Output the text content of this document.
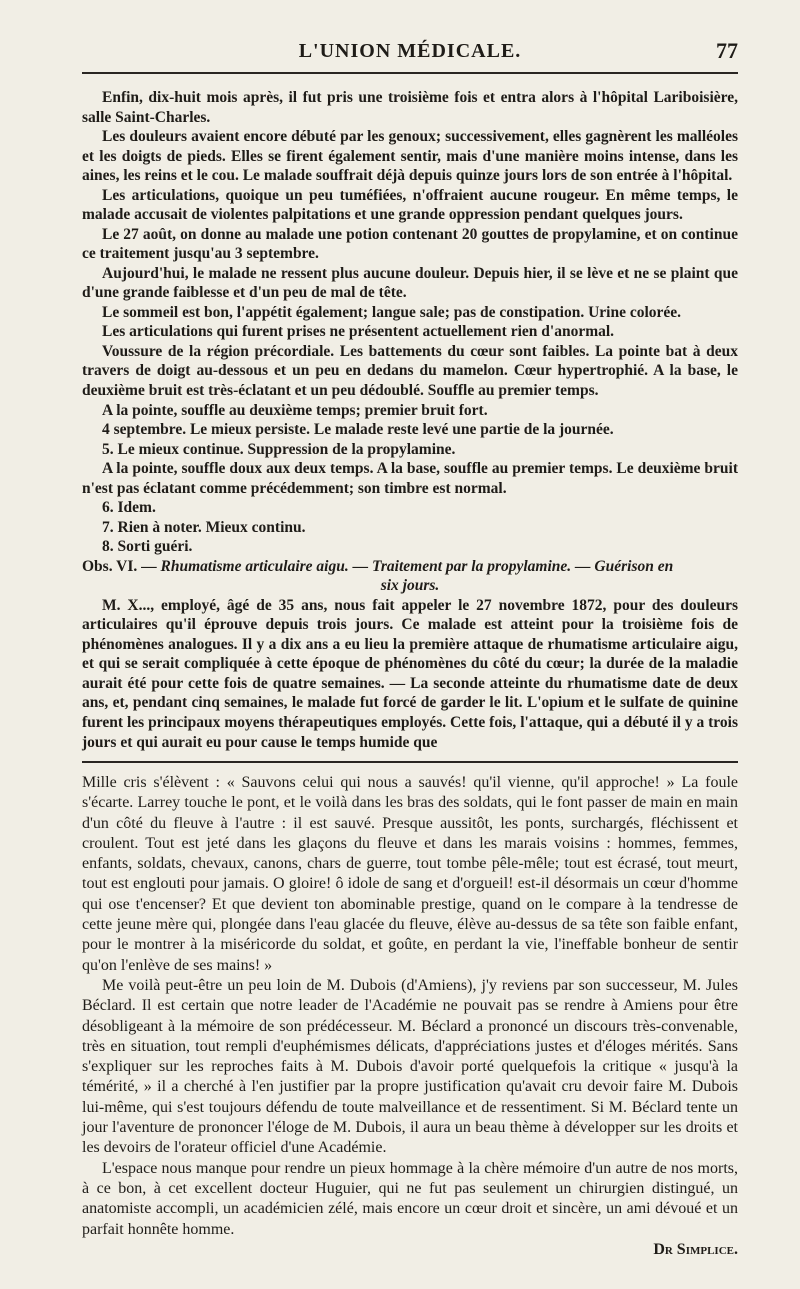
L'UNION MÉDICALE.	77

Enfin, dix-huit mois après, il fut pris une troisième fois et entra alors à l'hôpital Lariboisière, salle Saint-Charles.

Les douleurs avaient encore débuté par les genoux; successivement, elles gagnèrent les malléoles et les doigts de pieds. Elles se firent également sentir, mais d'une manière moins intense, dans les aines, les reins et le cou. Le malade souffrait déjà depuis quinze jours lors de son entrée à l'hôpital.

Les articulations, quoique un peu tuméfiées, n'offraient aucune rougeur. En même temps, le malade accusait de violentes palpitations et une grande oppression pendant quelques jours.

Le 27 août, on donne au malade une potion contenant 20 gouttes de propylamine, et on continue ce traitement jusqu'au 3 septembre.

Aujourd'hui, le malade ne ressent plus aucune douleur. Depuis hier, il se lève et ne se plaint que d'une grande faiblesse et d'un peu de mal de tête.

Le sommeil est bon, l'appétit également; langue sale; pas de constipation. Urine colorée.

Les articulations qui furent prises ne présentent actuellement rien d'anormal.

Voussure de la région précordiale. Les battements du cœur sont faibles. La pointe bat à deux travers de doigt au-dessous et un peu en dedans du mamelon. Cœur hypertrophié. A la base, le deuxième bruit est très-éclatant et un peu dédoublé. Souffle au premier temps.

A la pointe, souffle au deuxième temps; premier bruit fort.

4 septembre. Le mieux persiste. Le malade reste levé une partie de la journée.

5. Le mieux continue. Suppression de la propylamine.

A la pointe, souffle doux aux deux temps. A la base, souffle au premier temps. Le deuxième bruit n'est pas éclatant comme précédemment; son timbre est normal.

6. Idem.

7. Rien à noter. Mieux continu.

8. Sorti guéri.

Obs. VI. — Rhumatisme articulaire aigu. — Traitement par la propylamine. — Guérison en

six jours.

M. X..., employé, âgé de 35 ans, nous fait appeler le 27 novembre 1872, pour des douleurs articulaires qu'il éprouve depuis trois jours. Ce malade est atteint pour la troisième fois de phénomènes analogues. Il y a dix ans a eu lieu la première attaque de rhumatisme articulaire aigu, et qui se serait compliquée à cette époque de phénomènes du côté du cœur; la durée de la maladie aurait été pour cette fois de quatre semaines. — La seconde atteinte du rhumatisme date de deux ans, et, pendant cinq semaines, le malade fut forcé de garder le lit. L'opium et le sulfate de quinine furent les principaux moyens thérapeutiques employés. Cette fois, l'attaque, qui a débuté il y a trois jours et qui aurait eu pour cause le temps humide que

Mille cris s'élèvent : « Sauvons celui qui nous a sauvés! qu'il vienne, qu'il approche! » La foule s'écarte. Larrey touche le pont, et le voilà dans les bras des soldats, qui le font passer de main en main d'un côté du fleuve à l'autre : il est sauvé. Presque aussitôt, les ponts, surchargés, fléchissent et croulent. Tout est jeté dans les glaçons du fleuve et dans les marais voisins : hommes, femmes, enfants, soldats, chevaux, canons, chars de guerre, tout tombe pêle-mêle; tout est écrasé, tout meurt, tout est englouti pour jamais. O gloire! ô idole de sang et d'orgueil! est-il désormais un cœur d'homme qui ose t'encenser? Et que devient ton abominable prestige, quand on le compare à la tendresse de cette jeune mère qui, plongée dans l'eau glacée du fleuve, élève au-dessus de sa tête son faible enfant, pour le montrer à la miséricorde du soldat, et goûte, en perdant la vie, l'ineffable bonheur de sentir qu'on l'enlève de ses mains! »

Me voilà peut-être un peu loin de M. Dubois (d'Amiens), j'y reviens par son successeur, M. Jules Béclard. Il est certain que notre leader de l'Académie ne pouvait pas se rendre à Amiens pour être désobligeant à la mémoire de son prédécesseur. M. Béclard a prononcé un discours très-convenable, très en situation, tout rempli d'euphémismes délicats, d'appréciations justes et d'éloges mérités. Sans s'expliquer sur les reproches faits à M. Dubois d'avoir porté quelquefois la critique « jusqu'à la témérité, » il a cherché à l'en justifier par la propre justification qu'avait cru devoir faire M. Dubois lui-même, qui s'est toujours défendu de toute malveillance et de ressentiment. Si M. Béclard tente un jour l'aventure de prononcer l'éloge de M. Dubois, il aura un beau thème à développer sur les droits et les devoirs de l'orateur officiel d'une Académie.

L'espace nous manque pour rendre un pieux hommage à la chère mémoire d'un autre de nos morts, à ce bon, à cet excellent docteur Huguier, qui ne fut pas seulement un chirurgien distingué, un anatomiste accompli, un académicien zélé, mais encore un cœur droit et sincère, un ami dévoué et un parfait honnête homme.

Dr Simplice.
